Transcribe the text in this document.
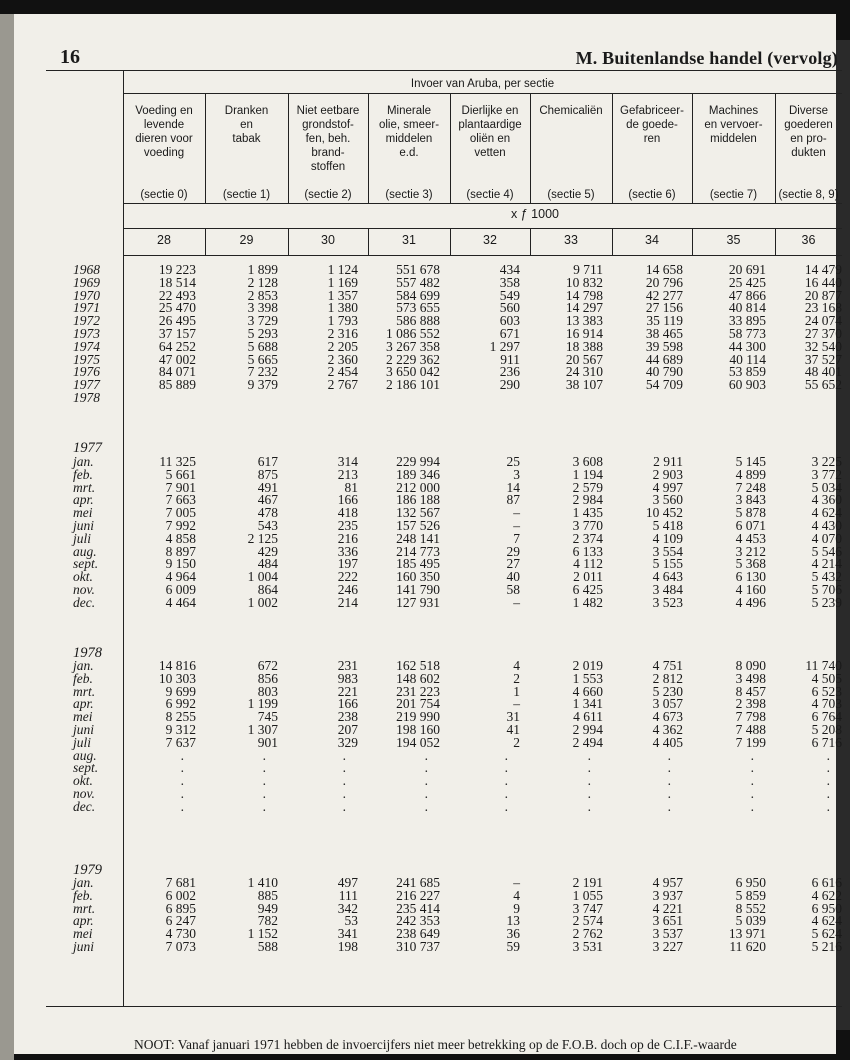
16	M. Buitenlandse handel (vervolg)
Invoer van Aruba, per sectie
x ƒ 1000
Voeding en
levende
dieren voor
voeding
(sectie 0)
28
Dranken
en
tabak
(sectie 1)
29
Niet eetbare
grondstof-
fen, beh.
brand-
stoffen
(sectie 2)
30
Minerale
olie, smeer-
middelen
e.d.
(sectie 3)
31
Dierlijke en
plantaardige
oliën en
vetten
(sectie 4)
32
Chemicaliën
(sectie 5)
33
Gefabriceer-
de goede-
ren
(sectie 6)
34
Machines
en vervoer-
middelen
(sectie 7)
35
Diverse
goederen
en pro-
dukten
(sectie 8, 9)
36
1968	19 223	1 899	1 124	551 678	434	9 711	14 658	20 691	14 479
1969	18 514	2 128	1 169	557 482	358	10 832	20 796	25 425	16 440
1970	22 493	2 853	1 357	584 699	549	14 798	42 277	47 866	20 877
1971	25 470	3 398	1 380	573 655	560	14 297	27 156	40 814	23 168
1972	26 495	3 729	1 793	586 888	603	13 383	35 119	33 895	24 074
1973	37 157	5 293	2 316	1 086 552	671	16 914	38 465	58 773	27 370
1974	64 252	5 688	2 205	3 267 358	1 297	18 388	39 598	44 300	32 540
1975	47 002	5 665	2 360	2 229 362	911	20 567	44 689	40 114	37 527
1976	84 071	7 232	2 454	3 650 042	236	24 310	40 790	53 859	48 401
1977	85 889	9 379	2 767	2 186 101	290	38 107	54 709	60 903	55 652
1978
1977
jan.	11 325	617	314	229 994	25	3 608	2 911	5 145	3 225
feb.	5 661	875	213	189 346	3	1 194	2 903	4 899	3 772
mrt.	7 901	491	81	212 000	14	2 579	4 997	7 248	5 034
apr.	7 663	467	166	186 188	87	2 984	3 560	3 843	4 360
mei	7 005	478	418	132 567	–	1 435	10 452	5 878	4 624
juni	7 992	543	235	157 526	–	3 770	5 418	6 071	4 430
juli	4 858	2 125	216	248 141	7	2 374	4 109	4 453	4 070
aug.	8 897	429	336	214 773	29	6 133	3 554	3 212	5 546
sept.	9 150	484	197	185 495	27	4 112	5 155	5 368	4 214
okt.	4 964	1 004	222	160 350	40	2 011	4 643	6 130	5 432
nov.	6 009	864	246	141 790	58	6 425	3 484	4 160	5 706
dec.	4 464	1 002	214	127 931	–	1 482	3 523	4 496	5 239
1978
jan.	14 816	672	231	162 518	4	2 019	4 751	8 090	11 740
feb.	10 303	856	983	148 602	2	1 553	2 812	3 498	4 505
mrt.	9 699	803	221	231 223	1	4 660	5 230	8 457	6 523
apr.	6 992	1 199	166	201 754	–	1 341	3 057	2 398	4 703
mei	8 255	745	238	219 990	31	4 611	4 673	7 798	6 764
juni	9 312	1 307	207	198 160	41	2 994	4 362	7 488	5 208
juli	7 637	901	329	194 052	2	2 494	4 405	7 199	6 716
aug.	.	.	.	.	.	.	.	.	.
sept.	.	.	.	.	.	.	.	.	.
okt.	.	.	.	.	.	.	.	.	.
nov.	.	.	.	.	.	.	.	.	.
dec.	.	.	.	.	.	.	.	.	.
1979
jan.	7 681	1 410	497	241 685	–	2 191	4 957	6 950	6 616
feb.	6 002	885	111	216 227	4	1 055	3 937	5 859	4 622
mrt.	6 895	949	342	235 414	9	3 747	4 221	8 552	6 950
apr.	6 247	782	53	242 353	13	2 574	3 651	5 039	4 624
mei	4 730	1 152	341	238 649	36	2 762	3 537	13 971	5 624
juni	7 073	588	198	310 737	59	3 531	3 227	11 620	5 216
NOOT: Vanaf januari 1971 hebben de invoercijfers niet meer betrekking op de F.O.B. doch op de C.I.F.-waarde
